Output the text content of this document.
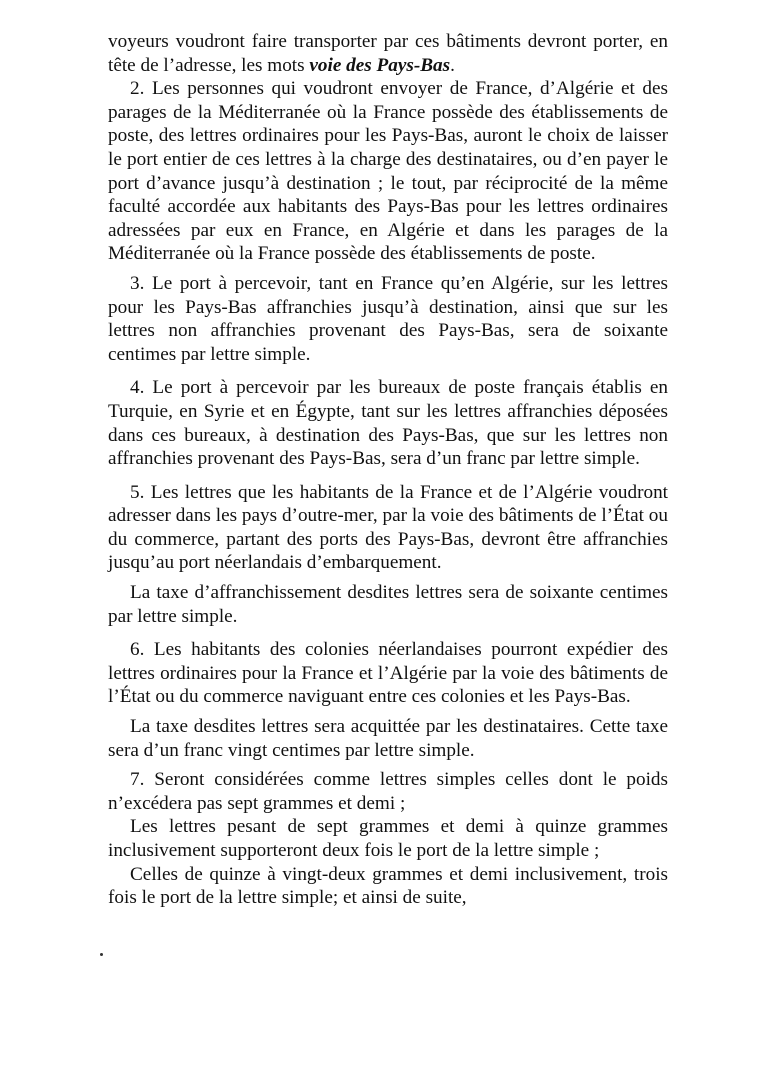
voyeurs voudront faire transporter par ces bâtiments devront porter, en tête de l’adresse, les mots voie des Pays-Bas.

2. Les personnes qui voudront envoyer de France, d’Algérie et des parages de la Méditerranée où la France possède des établissements de poste, des lettres ordinaires pour les Pays-Bas, auront le choix de laisser le port entier de ces lettres à la charge des destinataires, ou d’en payer le port d’avance jusqu’à destination ; le tout, par réciprocité de la même faculté accordée aux habitants des Pays-Bas pour les lettres ordinaires adressées par eux en France, en Algérie et dans les parages de la Méditerranée où la France possède des établissements de poste.

3. Le port à percevoir, tant en France qu’en Algérie, sur les lettres pour les Pays-Bas affranchies jusqu’à destination, ainsi que sur les lettres non affranchies provenant des Pays-Bas, sera de soixante centimes par lettre simple.

4. Le port à percevoir par les bureaux de poste français établis en Turquie, en Syrie et en Égypte, tant sur les lettres affranchies déposées dans ces bureaux, à destination des Pays-Bas, que sur les lettres non affranchies provenant des Pays-Bas, sera d’un franc par lettre simple.

5. Les lettres que les habitants de la France et de l’Algérie voudront adresser dans les pays d’outre-mer, par la voie des bâtiments de l’État ou du commerce, partant des ports des Pays-Bas, devront être affranchies jusqu’au port néerlandais d’embarquement.

La taxe d’affranchissement desdites lettres sera de soixante centimes par lettre simple.

6. Les habitants des colonies néerlandaises pourront expédier des lettres ordinaires pour la France et l’Algérie par la voie des bâtiments de l’État ou du commerce naviguant entre ces colonies et les Pays-Bas.

La taxe desdites lettres sera acquittée par les destinataires. Cette taxe sera d’un franc vingt centimes par lettre simple.

7. Seront considérées comme lettres simples celles dont le poids n’excédera pas sept grammes et demi ;

Les lettres pesant de sept grammes et demi à quinze grammes inclusivement supporteront deux fois le port de la lettre simple ;

Celles de quinze à vingt-deux grammes et demi inclusivement, trois fois le port de la lettre simple; et ainsi de suite,
